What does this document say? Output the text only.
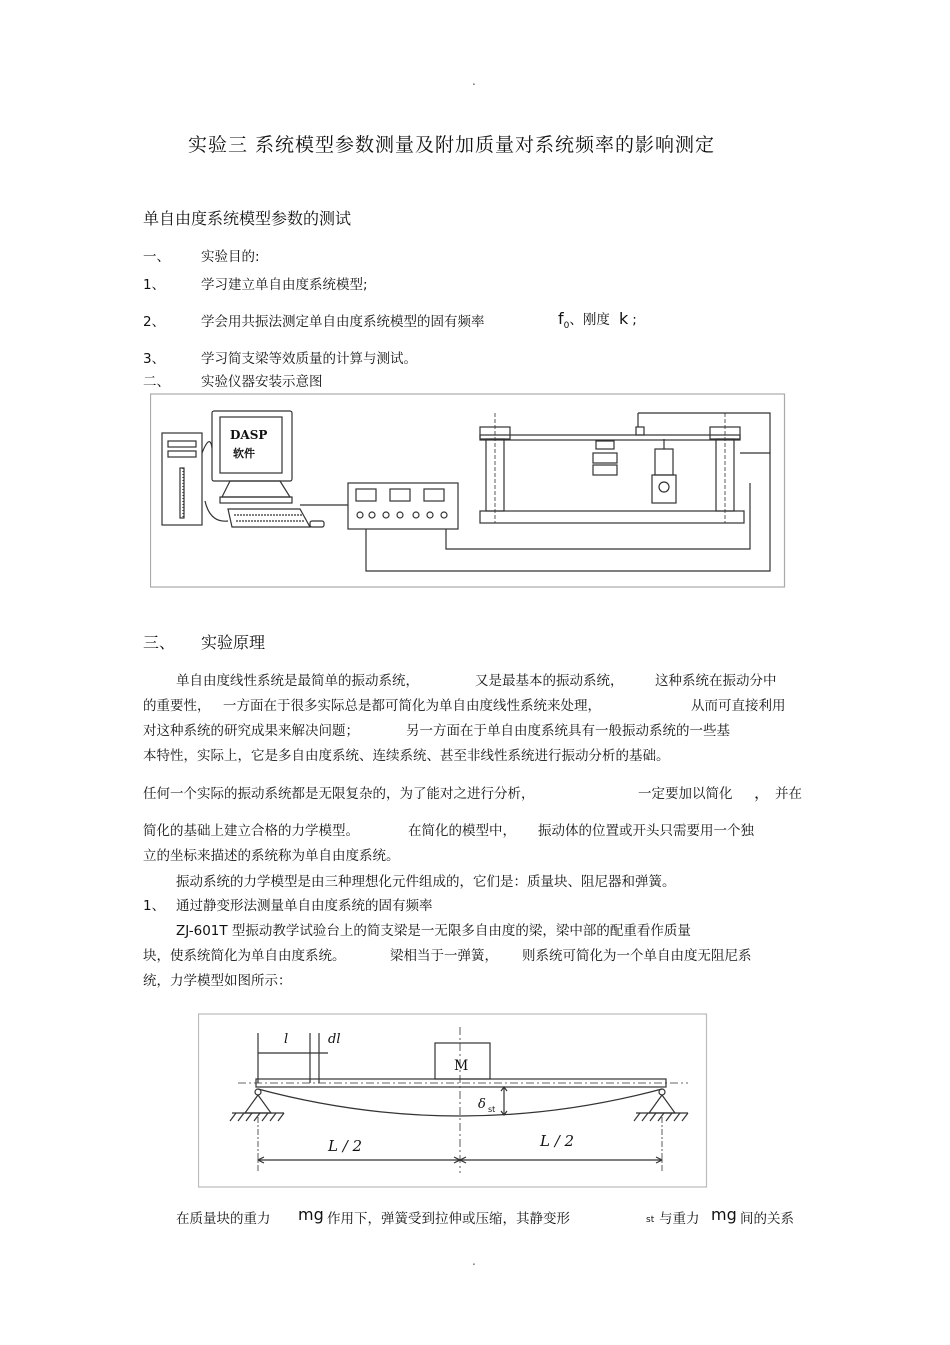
.
.
实验三 系统模型参数测量及附加质量对系统频率的影响测定
单自由度系统模型参数的测试
一、 实验目的:
1、	学习建立单自由度系统模型;
2、	学会用共振法测定单自由度系统模型的固有频率	$f_0$、刚度 k ;
3、	学习简支梁等效质量的计算与测试。
二、 实验仪器安装示意图
DASP
软件
三、 实验原理
单自由度线性系统是最简单的振动系统，	又是最基本的振动系统， 这种系统在振动分中
的重要性， 一方面在于很多实际总是都可简化为单自由度线性系统来处理，	从而可直接利用
对这种系统的研究成果来解决问题；	另一方面在于单自由度系统具有一般振动系统的一些基
本特性，实际上，它是多自由度系统、连续系统、甚至非线性系统进行振动分析的基础。
任何一个实际的振动系统都是无限复杂的，为了能对之进行分析，	一定要加以简化 ， 并在
简化的基础上建立合格的力学模型。	在简化的模型中， 振动体的位置或开头只需要用一个独
立的坐标来描述的系统称为单自由度系统。
振动系统的力学模型是由三种理想化元件组成的，它们是：质量块、阻尼器和弹簧。
1、 通过静变形法测量单自由度系统的固有频率
ZJ-601T 型振动教学试验台上的简支梁是一无限多自由度的梁，梁中部的配重看作质量
块，使系统简化为单自由度系统。	梁相当于一弹簧， 则系统可简化为一个单自由度无阻尼系
统，力学模型如图所示：
l	dl
M
δ st
L / 2	L / 2
在质量块的重力 mg 作用下，弹簧受到拉伸或压缩，其静变形	st 与重力 mg 间的关系
